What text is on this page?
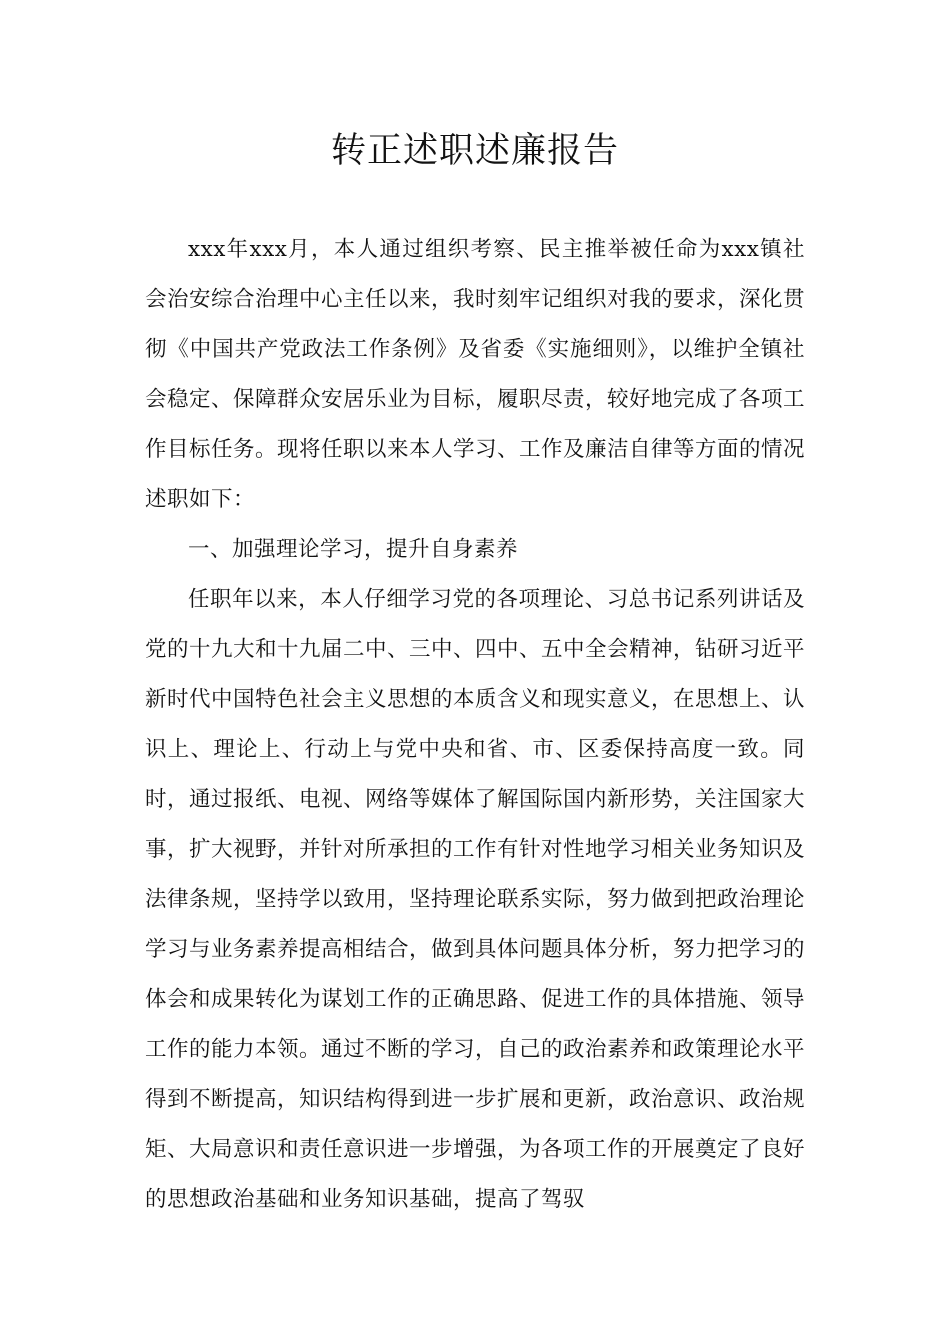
转正述职述廉报告

xxx年xxx月，本人通过组织考察、民主推举被任命为xxx镇社会治安综合治理中心主任以来，我时刻牢记组织对我的要求，深化贯彻《中国共产党政法工作条例》及省委《实施细则》，以维护全镇社会稳定、保障群众安居乐业为目标，履职尽责，较好地完成了各项工作目标任务。现将任职以来本人学习、工作及廉洁自律等方面的情况述职如下：

一、加强理论学习，提升自身素养

任职年以来，本人仔细学习党的各项理论、习总书记系列讲话及党的十九大和十九届二中、三中、四中、五中全会精神，钻研习近平新时代中国特色社会主义思想的本质含义和现实意义，在思想上、认识上、理论上、行动上与党中央和省、市、区委保持高度一致。同时，通过报纸、电视、网络等媒体了解国际国内新形势，关注国家大事，扩大视野，并针对所承担的工作有针对性地学习相关业务知识及法律条规，坚持学以致用，坚持理论联系实际，努力做到把政治理论学习与业务素养提高相结合，做到具体问题具体分析，努力把学习的体会和成果转化为谋划工作的正确思路、促进工作的具体措施、领导工作的能力本领。通过不断的学习，自己的政治素养和政策理论水平得到不断提高，知识结构得到进一步扩展和更新，政治意识、政治规矩、大局意识和责任意识进一步增强，为各项工作的开展奠定了良好的思想政治基础和业务知识基础，提高了驾驭
